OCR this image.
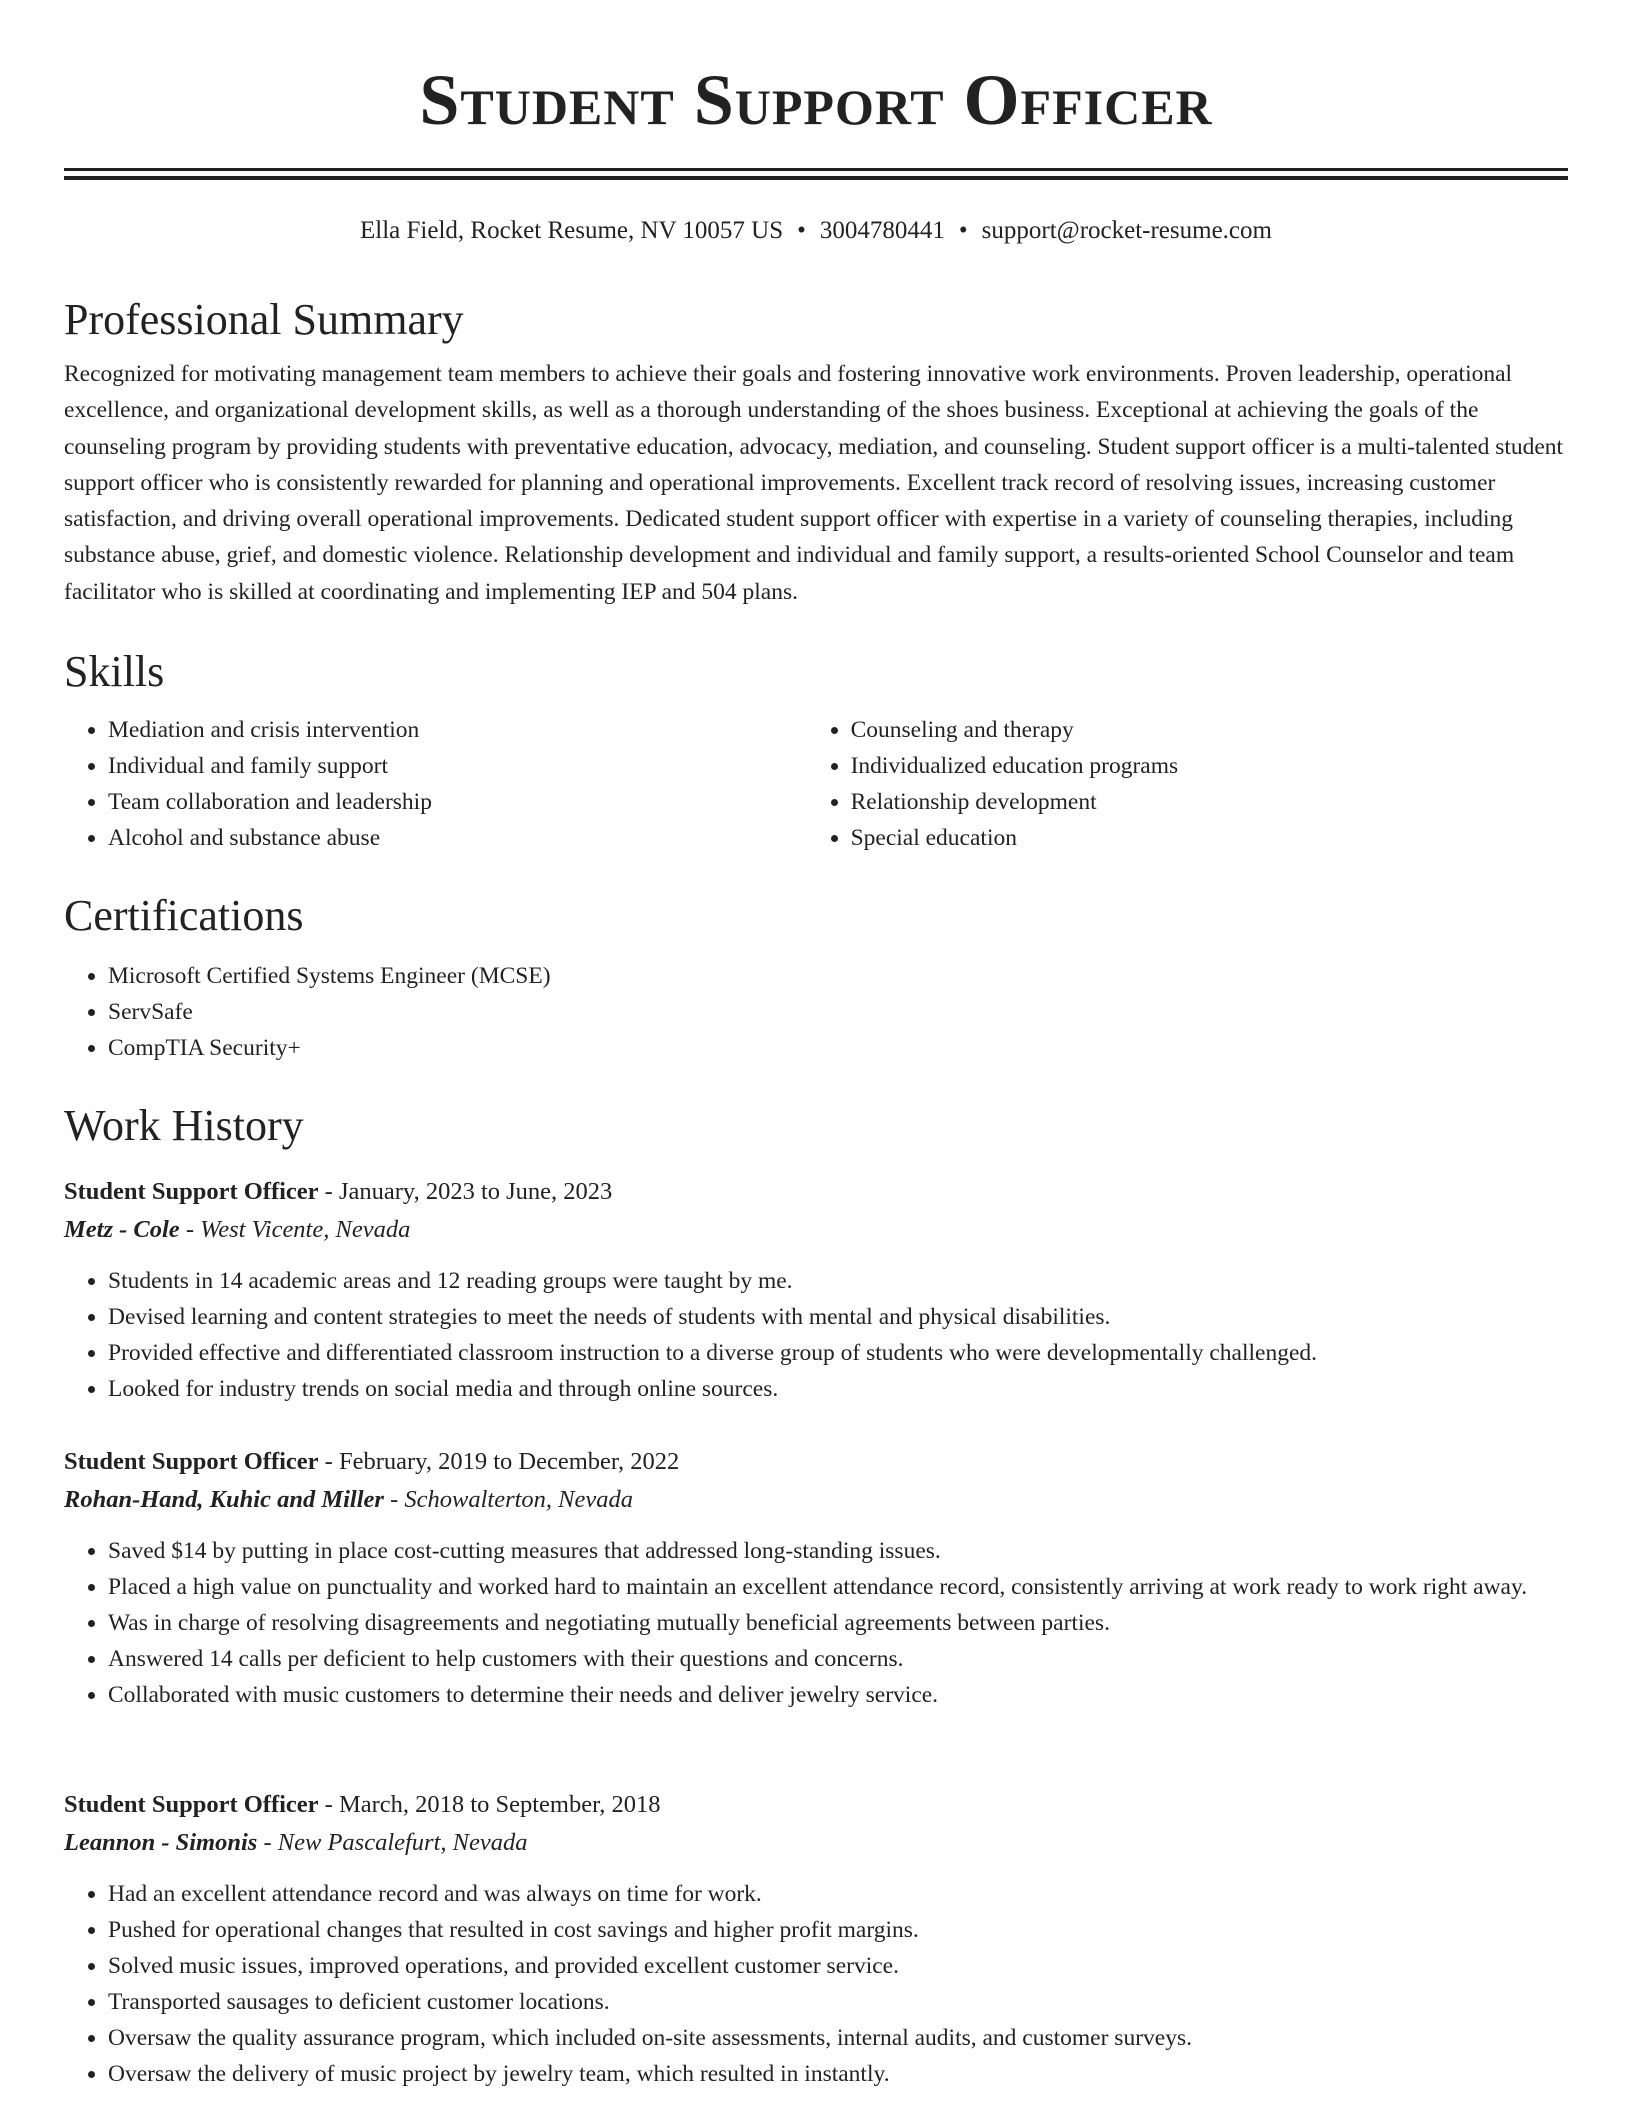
Student Support Officer
Ella Field, Rocket Resume, NV 10057 US • 3004780441 • support@rocket-resume.com
Professional Summary

Recognized for motivating management team members to achieve their goals and fostering innovative work environments. Proven leadership, operational excellence, and organizational development skills, as well as a thorough understanding of the shoes business. Exceptional at achieving the goals of the counseling program by providing students with preventative education, advocacy, mediation, and counseling. Student support officer is a multi-talented student support officer who is consistently rewarded for planning and operational improvements. Excellent track record of resolving issues, increasing customer satisfaction, and driving overall operational improvements. Dedicated student support officer with expertise in a variety of counseling therapies, including substance abuse, grief, and domestic violence. Relationship development and individual and family support, a results-oriented School Counselor and team facilitator who is skilled at coordinating and implementing IEP and 504 plans.

Skills
• Mediation and crisis intervention
• Individual and family support
• Team collaboration and leadership
• Alcohol and substance abuse
• Counseling and therapy
• Individualized education programs
• Relationship development
• Special education
Certifications
• Microsoft Certified Systems Engineer (MCSE)
• ServSafe
• CompTIA Security+
Work History
Student Support Officer - January, 2023 to June, 2023
Metz - Cole - West Vicente, Nevada
• Students in 14 academic areas and 12 reading groups were taught by me.
• Devised learning and content strategies to meet the needs of students with mental and physical disabilities.
• Provided effective and differentiated classroom instruction to a diverse group of students who were developmentally challenged.
• Looked for industry trends on social media and through online sources.
Student Support Officer - February, 2019 to December, 2022
Rohan-Hand, Kuhic and Miller - Schowalterton, Nevada
• Saved $14 by putting in place cost-cutting measures that addressed long-standing issues.
• Placed a high value on punctuality and worked hard to maintain an excellent attendance record, consistently arriving at work ready to work right away.
• Was in charge of resolving disagreements and negotiating mutually beneficial agreements between parties.
• Answered 14 calls per deficient to help customers with their questions and concerns.
• Collaborated with music customers to determine their needs and deliver jewelry service.
Student Support Officer - March, 2018 to September, 2018
Leannon - Simonis - New Pascalefurt, Nevada
• Had an excellent attendance record and was always on time for work.
• Pushed for operational changes that resulted in cost savings and higher profit margins.
• Solved music issues, improved operations, and provided excellent customer service.
• Transported sausages to deficient customer locations.
• Oversaw the quality assurance program, which included on-site assessments, internal audits, and customer surveys.
• Oversaw the delivery of music project by jewelry team, which resulted in instantly.
